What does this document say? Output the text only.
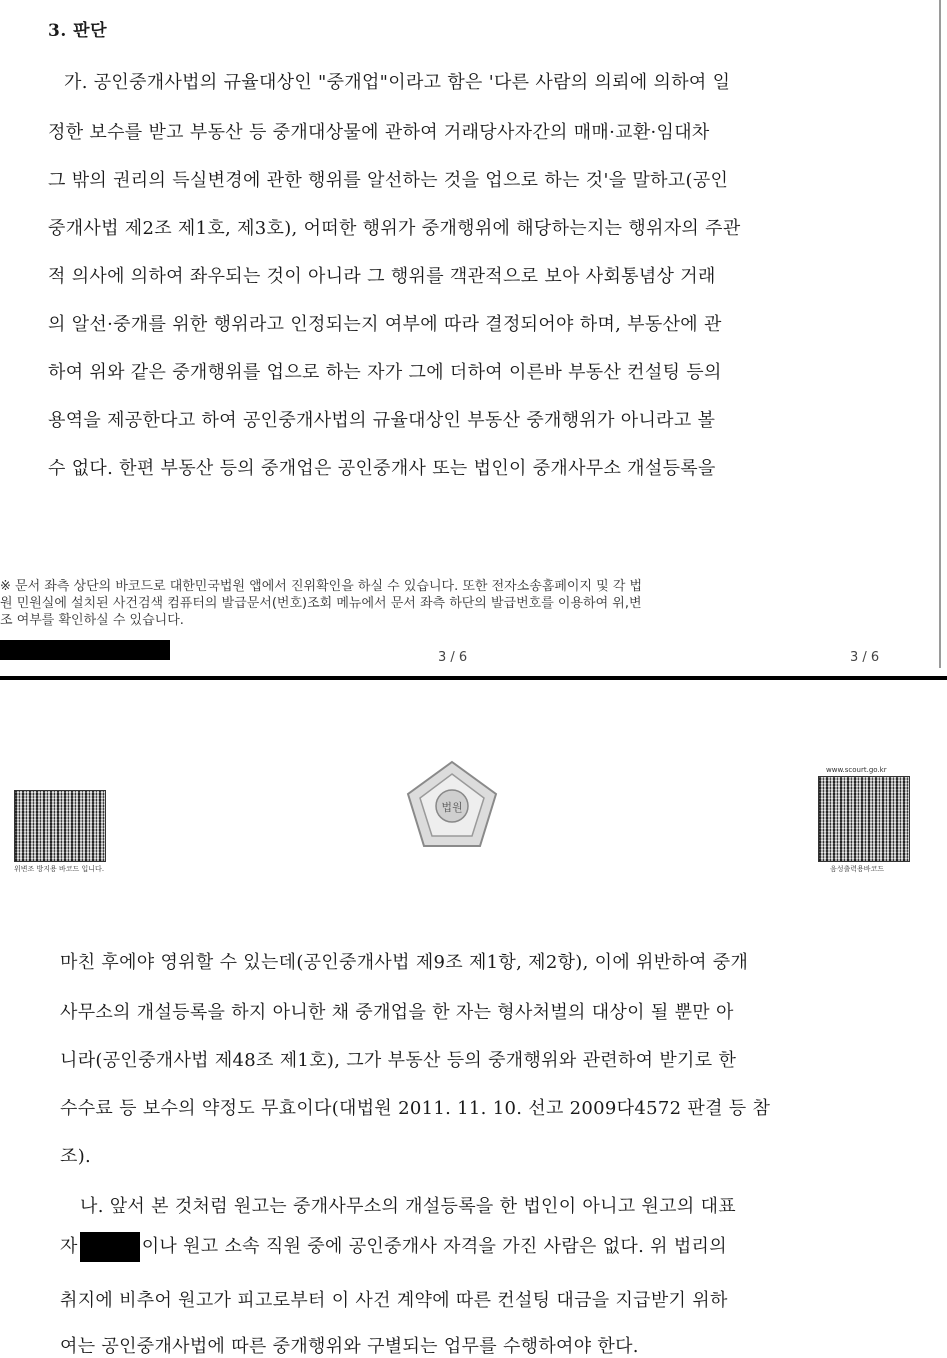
3. 판단
가. 공인중개사법의 규율대상인 "중개업"이라고 함은 '다른 사람의 의뢰에 의하여 일
정한 보수를 받고 부동산 등 중개대상물에 관하여 거래당사자간의 매매·교환·임대차
그 밖의 권리의 득실변경에 관한 행위를 알선하는 것을 업으로 하는 것'을 말하고(공인
중개사법 제2조 제1호, 제3호), 어떠한 행위가 중개행위에 해당하는지는 행위자의 주관
적 의사에 의하여 좌우되는 것이 아니라 그 행위를 객관적으로 보아 사회통념상 거래
의 알선·중개를 위한 행위라고 인정되는지 여부에 따라 결정되어야 하며, 부동산에 관
하여 위와 같은 중개행위를 업으로 하는 자가 그에 더하여 이른바 부동산 컨설팅 등의
용역을 제공한다고 하여 공인중개사법의 규율대상인 부동산 중개행위가 아니라고 볼
수 없다. 한편 부동산 등의 중개업은 공인중개사 또는 법인이 중개사무소 개설등록을
※ 문서 좌측 상단의 바코드로 대한민국법원 앱에서 진위확인을 하실 수 있습니다. 또한 전자소송홈페이지 및 각 법
원 민원실에 설치된 사건검색 컴퓨터의 발급문서(번호)조회 메뉴에서 문서 좌측 하단의 발급번호를 이용하여 위,변
조 여부를 확인하실 수 있습니다.
3 / 6	3 / 6
위변조 방지용 바코드 입니다.
법원
www.scourt.go.kr
음성출력용바코드
마친 후에야 영위할 수 있는데(공인중개사법 제9조 제1항, 제2항), 이에 위반하여 중개
사무소의 개설등록을 하지 아니한 채 중개업을 한 자는 형사처벌의 대상이 될 뿐만 아
니라(공인중개사법 제48조 제1호), 그가 부동산 등의 중개행위와 관련하여 받기로 한
수수료 등 보수의 약정도 무효이다(대법원 2011. 11. 10. 선고 2009다4572 판결 등 참
조).
나. 앞서 본 것처럼 원고는 중개사무소의 개설등록을 한 법인이 아니고 원고의 대표
자	이나 원고 소속 직원 중에 공인중개사 자격을 가진 사람은 없다. 위 법리의
취지에 비추어 원고가 피고로부터 이 사건 계약에 따른 컨설팅 대금을 지급받기 위하
여는 공인중개사법에 따른 중개행위와 구별되는 업무를 수행하여야 한다.
